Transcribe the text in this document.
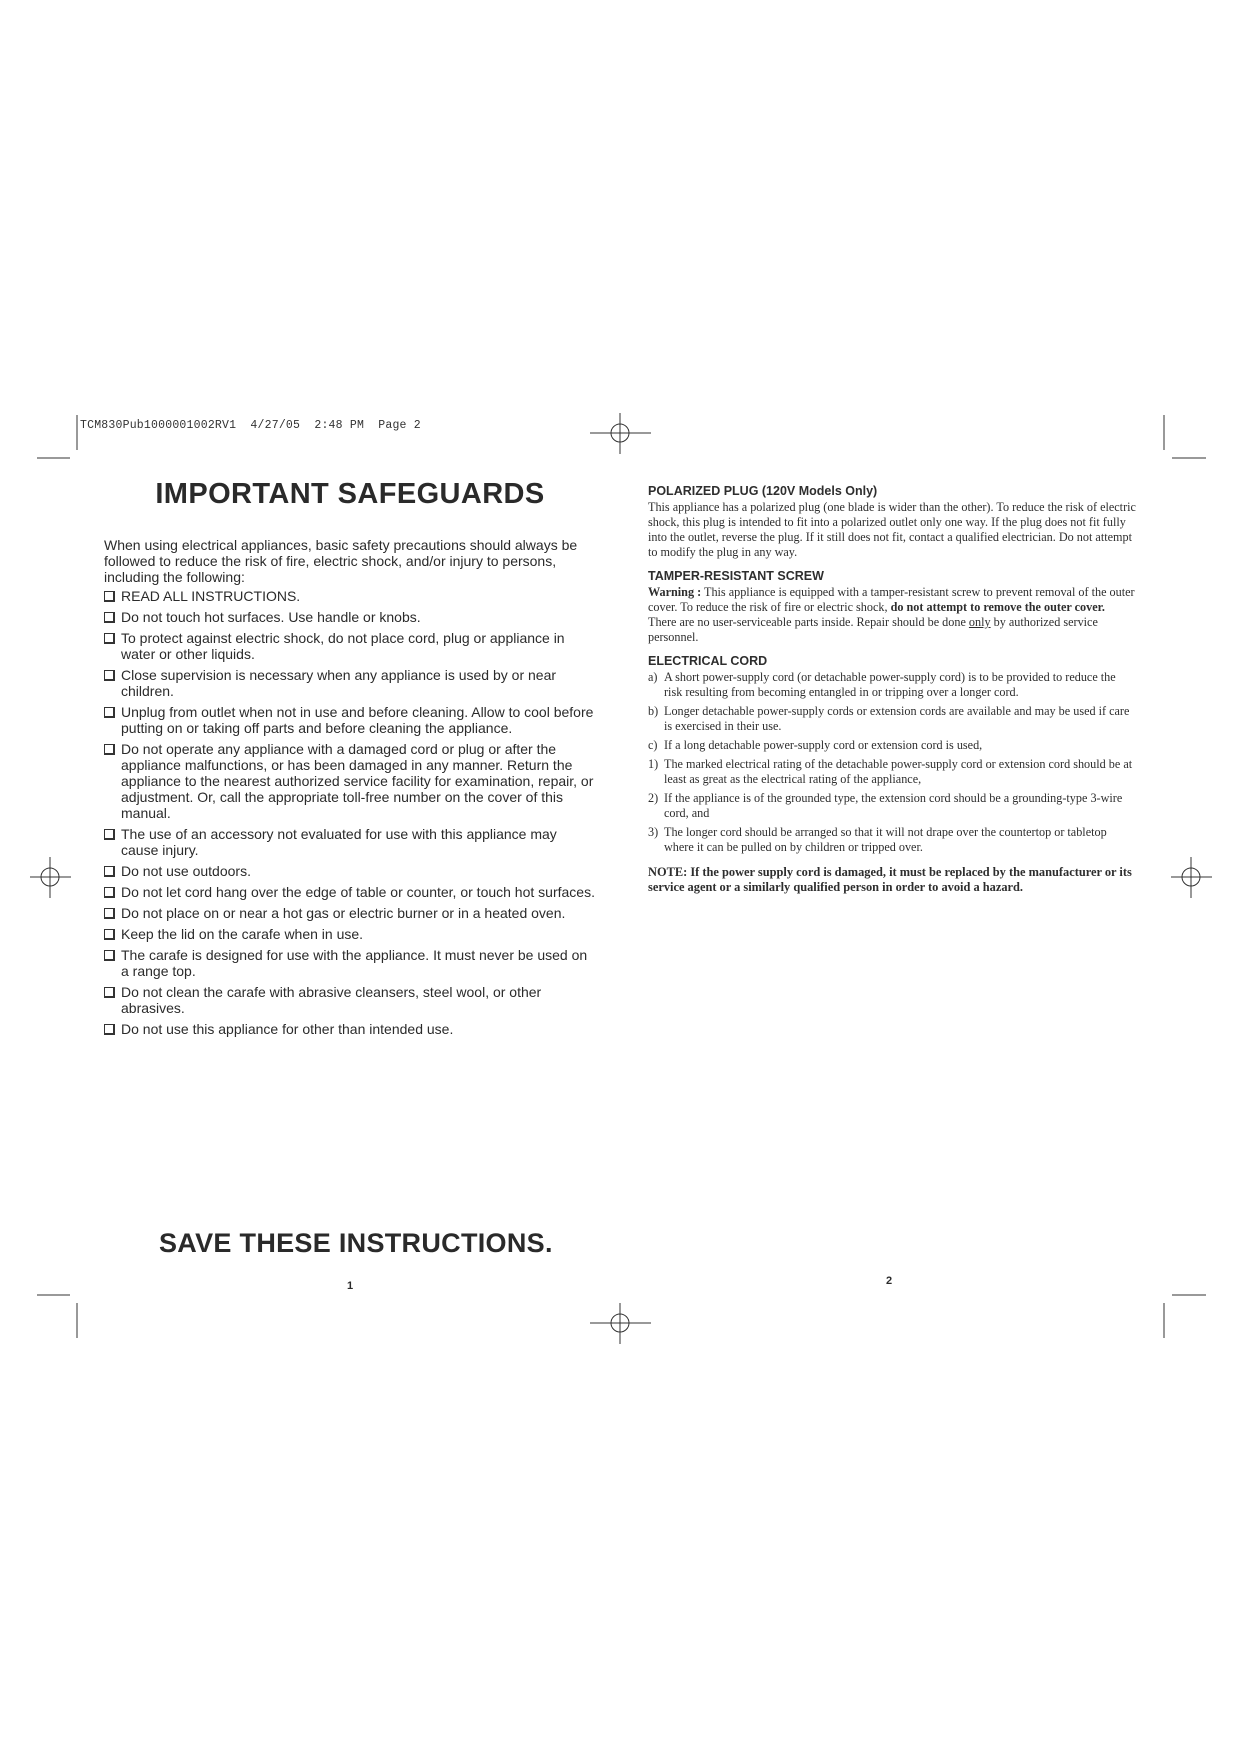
TCM830Pub1000001002RV1  4/27/05  2:48 PM  Page 2
IMPORTANT SAFEGUARDS

When using electrical appliances, basic safety precautions should always be followed to reduce the risk of fire, electric shock, and/or injury to persons, including the following:

READ ALL INSTRUCTIONS.
Do not touch hot surfaces. Use handle or knobs.
To protect against electric shock, do not place cord, plug or appliance in water or other liquids.
Close supervision is necessary when any appliance is used by or near children.
Unplug from outlet when not in use and before cleaning. Allow to cool before putting on or taking off parts and before cleaning the appliance.
Do not operate any appliance with a damaged cord or plug or after the appliance malfunctions, or has been damaged in any manner. Return the appliance to the nearest authorized service facility for examination, repair, or adjustment. Or, call the appropriate toll-free number on the cover of this manual.
The use of an accessory not evaluated for use with this appliance may cause injury.
Do not use outdoors.
Do not let cord hang over the edge of table or counter, or touch hot surfaces.
Do not place on or near a hot gas or electric burner or in a heated oven.
Keep the lid on the carafe when in use.
The carafe is designed for use with the appliance. It must never be used on a range top.
Do not clean the carafe with abrasive cleansers, steel wool, or other abrasives.
Do not use this appliance for other than intended use.
SAVE THESE INSTRUCTIONS.
1
POLARIZED PLUG (120V Models Only)

This appliance has a polarized plug (one blade is wider than the other). To reduce the risk of electric shock, this plug is intended to fit into a polarized outlet only one way. If the plug does not fit fully into the outlet, reverse the plug. If it still does not fit, contact a qualified electrician. Do not attempt to modify the plug in any way.

TAMPER-RESISTANT SCREW

Warning : This appliance is equipped with a tamper-resistant screw to prevent removal of the outer cover. To reduce the risk of fire or electric shock, do not attempt to remove the outer cover. There are no user-serviceable parts inside. Repair should be done only by authorized service personnel.

ELECTRICAL CORD
a) A short power-supply cord (or detachable power-supply cord) is to be provided to reduce the risk resulting from becoming entangled in or tripping over a longer cord.
b) Longer detachable power-supply cords or extension cords are available and may be used if care is exercised in their use.
c) If a long detachable power-supply cord or extension cord is used,
1) The marked electrical rating of the detachable power-supply cord or extension cord should be at least as great as the electrical rating of the appliance,
2) If the appliance is of the grounded type, the extension cord should be a grounding-type 3-wire cord, and
3) The longer cord should be arranged so that it will not drape over the countertop or tabletop where it can be pulled on by children or tripped over.
NOTE: If the power supply cord is damaged, it must be replaced by the manufacturer or its service agent or a similarly qualified person in order to avoid a hazard.
2
